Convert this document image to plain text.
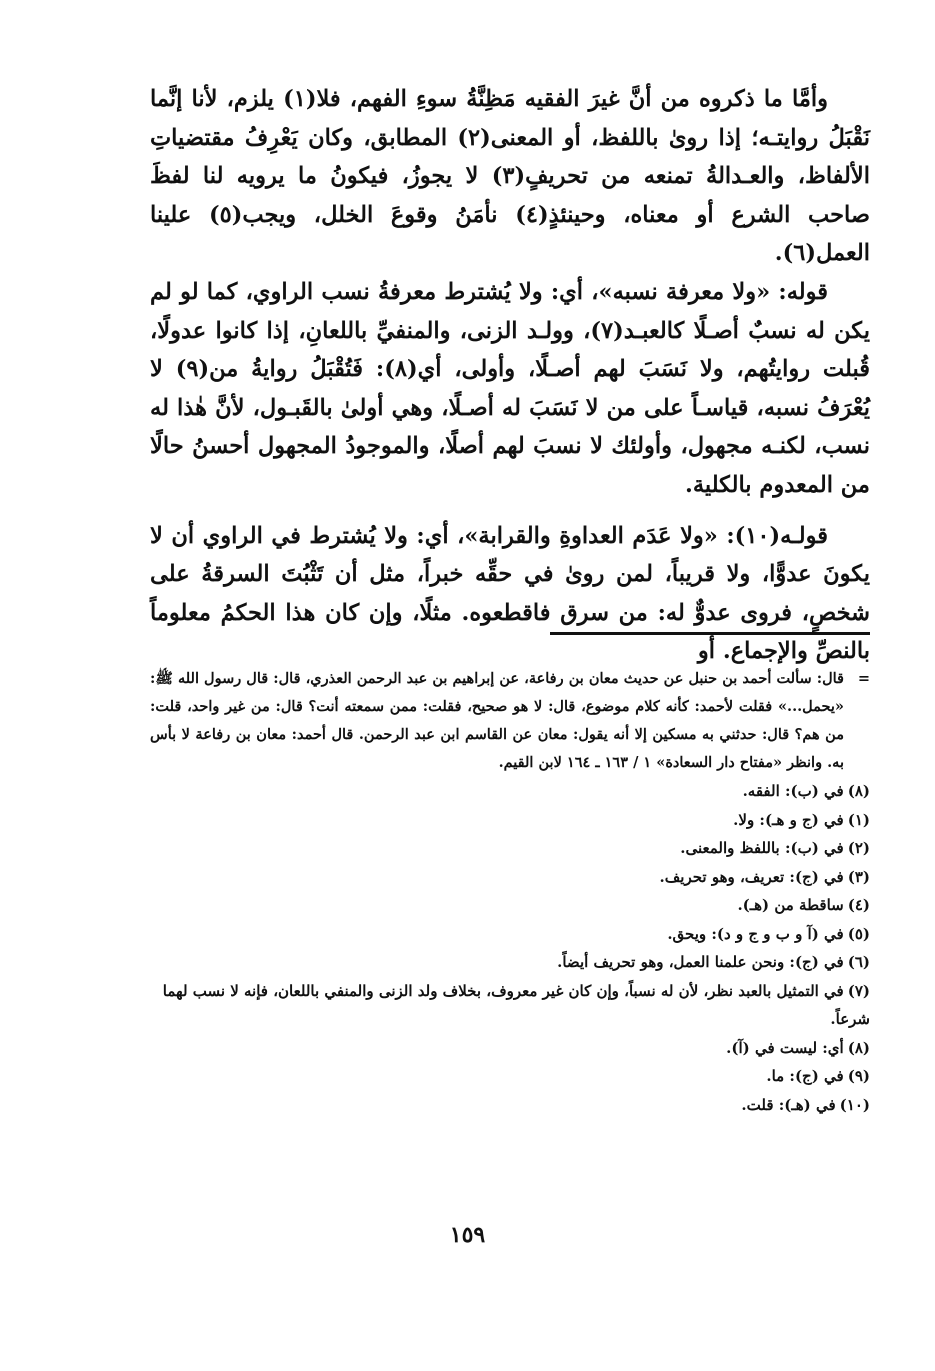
وأمَّا ما ذكروه من أنَّ غيرَ الفقيه مَظِنَّةُ سوءِ الفهم، فلا(١) يلزم، لأنا إنَّما نَقْبَلُ روايتـه؛ إذا روىٰ باللفظ، أو المعنى(٢) المطابق، وكان يَعْرِفُ مقتضياتِ الألفاظ، والعـدالةُ تمنعه من تحريفٍ(٣) لا يجوزُ، فيكونُ ما يرويه لنا لفظَ صاحب الشرع أو معناه، وحينئذٍ(٤) نأمَنُ وقوعَ الخلل، ويجب(٥) علينا العمل(٦).

قوله: «ولا معرفة نسبه»، أي: ولا يُشترط معرفةُ نسب الراوي، كما لو لم يكن له نسبٌ أصـلًا كالعبـد(٧)، وولـد الزنى، والمنفيِّ باللعانِ، إذا كانوا عدولًا، قُبلت روايتُهم، ولا نَسَبَ لهم أصـلًا، وأولى، أي(٨): فَتُقْبَلُ روايةُ من(٩) لا يُعْرَفُ نسبه، قياسـاً على من لا نَسَبَ له أصـلًا، وهي أولىٰ بالقَبـول، لأنَّ هٰذا له نسب، لكنـه مجهول، وأولئك لا نسبَ لهم أصلًا، والموجودُ المجهول أحسنُ حالًا من المعدوم بالكلية.

قولـه(١٠): «ولا عَدَم العداوةِ والقرابة»، أي: ولا يُشترط في الراوي أن لا يكونَ عدوًّا، ولا قريباً، لمن روىٰ في حقِّه خبراً، مثل أن تَثْبُتَ السرقةُ على شخصٍ، فروى عدوٌّ له: من سرق فاقطعوه. مثلًا، وإن كان هذا الحكمُ معلوماً بالنصِّ والإجماع. أو

=
قال: سألت أحمد بن حنبل عن حديث معان بن رفاعة، عن إبراهيم بن عبد الرحمن العذري، قال: قال رسول الله ﷺ: «يحمل...» فقلت لأحمد: كأنه كلام موضوع، قال: لا هو صحيح، فقلت: ممن سمعته أنت؟ قال: من غير واحد، قلت: من هم؟ قال: حدثني به مسكين إلا أنه يقول: معان عن القاسم ابن عبد الرحمن. قال أحمد: معان بن رفاعة لا بأس به. وانظر «مفتاح دار السعادة» ١ / ١٦٣ ـ ١٦٤ لابن القيم.

(٨)في (ب): الفقه.
(١)في (ج و هـ): ولا.
(٢)في (ب): باللفظ والمعنى.
(٣)في (ج): تعريف، وهو تحريف.
(٤)ساقطة من (هـ).
(٥)في (آ و ب و ج و د): ويحق.
(٦)في (ج): ونحن علمنا العمل، وهو تحريف أيضاً.
(٧)في التمثيل بالعبد نظر، لأن له نسباً، وإن كان غير معروف، بخلاف ولد الزنى والمنفي باللعان، فإنه لا نسب لهما شرعاً.
(٨)أي: ليست في (آ).
(٩)في (ج): ما.
(١٠)في (هـ): قلت.
١٥٩
